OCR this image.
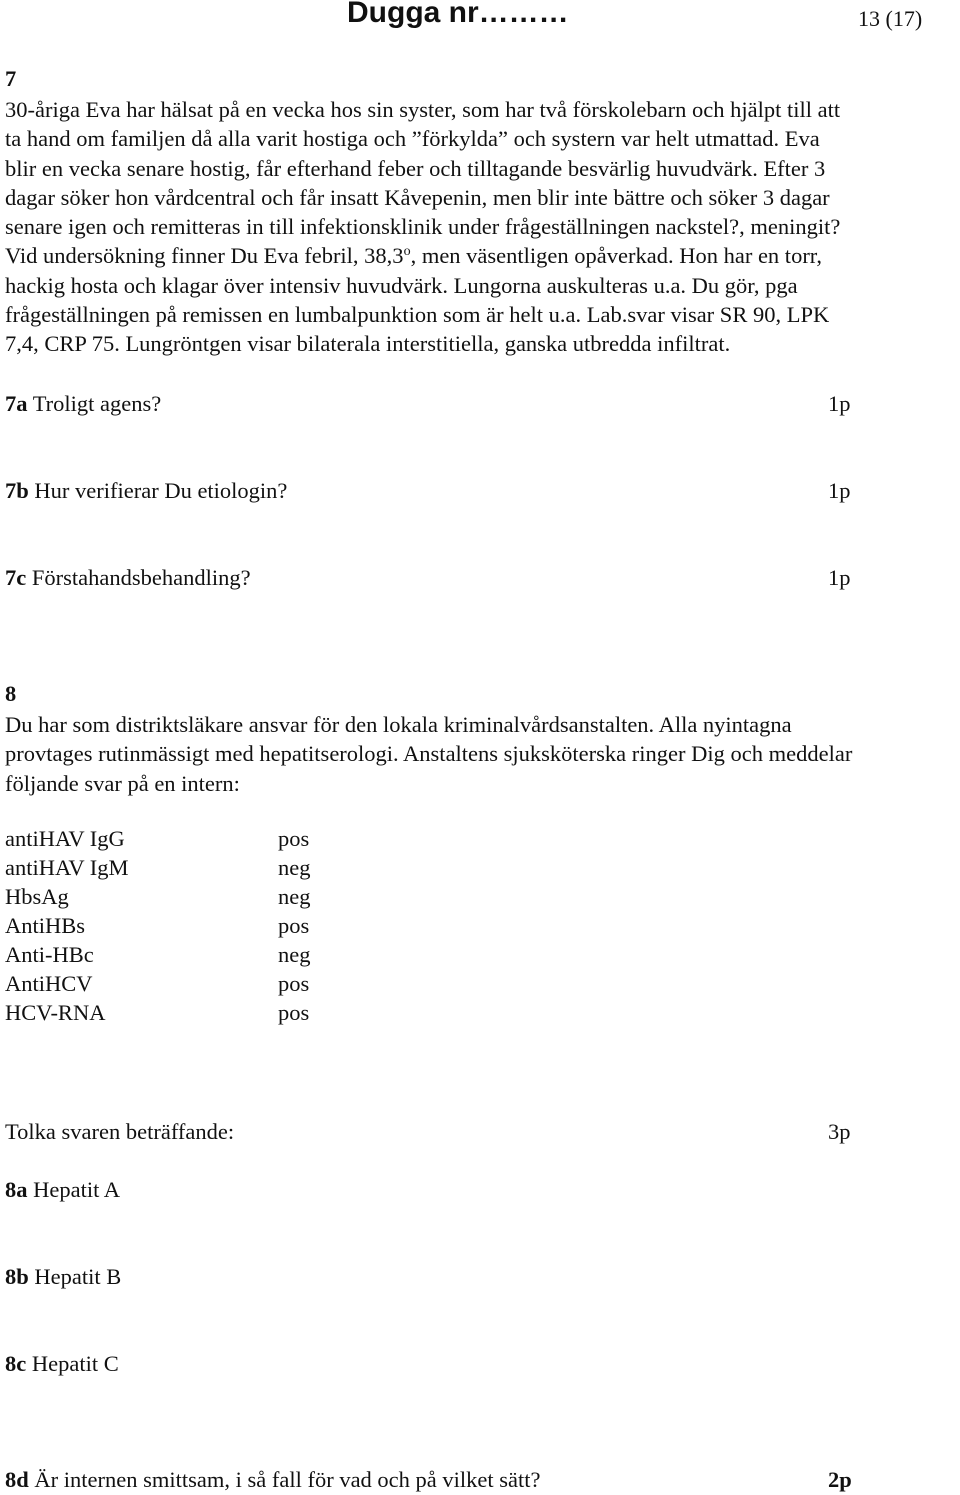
Dugga nr………	13 (17)
7
30-åriga Eva har hälsat på en vecka hos sin syster, som har två förskolebarn och hjälpt till att
ta hand om familjen då alla varit hostiga och ”förkylda” och systern var helt utmattad. Eva
blir en vecka senare hostig, får efterhand feber och tilltagande besvärlig huvudvärk. Efter 3
dagar söker hon vårdcentral och får insatt Kåvepenin, men blir inte bättre och söker 3 dagar
senare igen och remitteras in till infektionsklinik under frågeställningen nackstel?, meningit?
Vid undersökning finner Du Eva febril, 38,3$^o$, men väsentligen opåverkad. Hon har en torr,
hackig hosta och klagar över intensiv huvudvärk. Lungorna auskulteras u.a. Du gör, pga
frågeställningen på remissen en lumbalpunktion som är helt u.a. Lab.svar visar SR 90, LPK
7,4, CRP 75. Lungröntgen visar bilaterala interstitiella, ganska utbredda infiltrat.
7a Troligt agens?	1p
7b Hur verifierar Du etiologin?	1p
7c Förstahandsbehandling?	1p
8
Du har som distriktsläkare ansvar för den lokala kriminalvårdsanstalten. Alla nyintagna
provtages rutinmässigt med hepatitserologi. Anstaltens sjuksköterska ringer Dig och meddelar
följande svar på en intern:
antiHAV IgG	pos
antiHAV IgM	neg
HbsAg	neg
AntiHBs	pos
Anti-HBc	neg
AntiHCV	pos
HCV-RNA	pos
Tolka svaren beträffande:	3p
8a Hepatit A
8b Hepatit B
8c Hepatit C
8d Är internen smittsam, i så fall för vad och på vilket sätt?	2p
